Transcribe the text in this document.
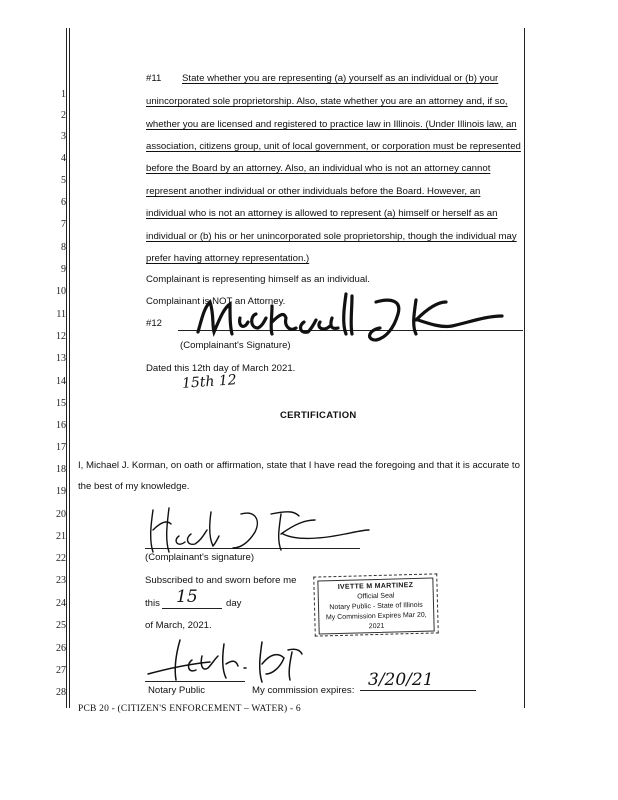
1
2
3
4
5
6
7
8
9
10
11
12
13
14
15
16
17
18
19
20
21
22
23
24
25
26
27
28
#11 State whether you are representing (a) yourself as an individual or (b) your
unincorporated sole proprietorship. Also, state whether you are an attorney and, if so,
whether you are licensed and registered to practice law in Illinois. (Under Illinois law, an
association, citizens group, unit of local government, or corporation must be represented
before the Board by an attorney. Also, an individual who is not an attorney cannot
represent another individual or other individuals before the Board. However, an
individual who is not an attorney is allowed to represent (a) himself or herself as an
individual or (b) his or her unincorporated sole proprietorship, though the individual may
prefer having attorney representation.)
Complainant is representing himself as an individual.
Complainant is NOT an Attorney.
#12
(Complainant's Signature)
Dated this 12th day of March 2021.
15th 12
CERTIFICATION
I, Michael J. Korman, on oath or affirmation, state that I have read the foregoing and that it is accurate to
the best of my knowledge.
(Complainant's signature)
Subscribed to and sworn before me
this 15	day
of March, 2021.
IVETTE M MARTINEZ
Official Seal
Notary Public - State of Illinois
My Commission Expires Mar 20, 2021
Notary Public	My commission expires:
3/20/21
PCB 20 - (CITIZEN'S ENFORCEMENT – WATER) - 6
